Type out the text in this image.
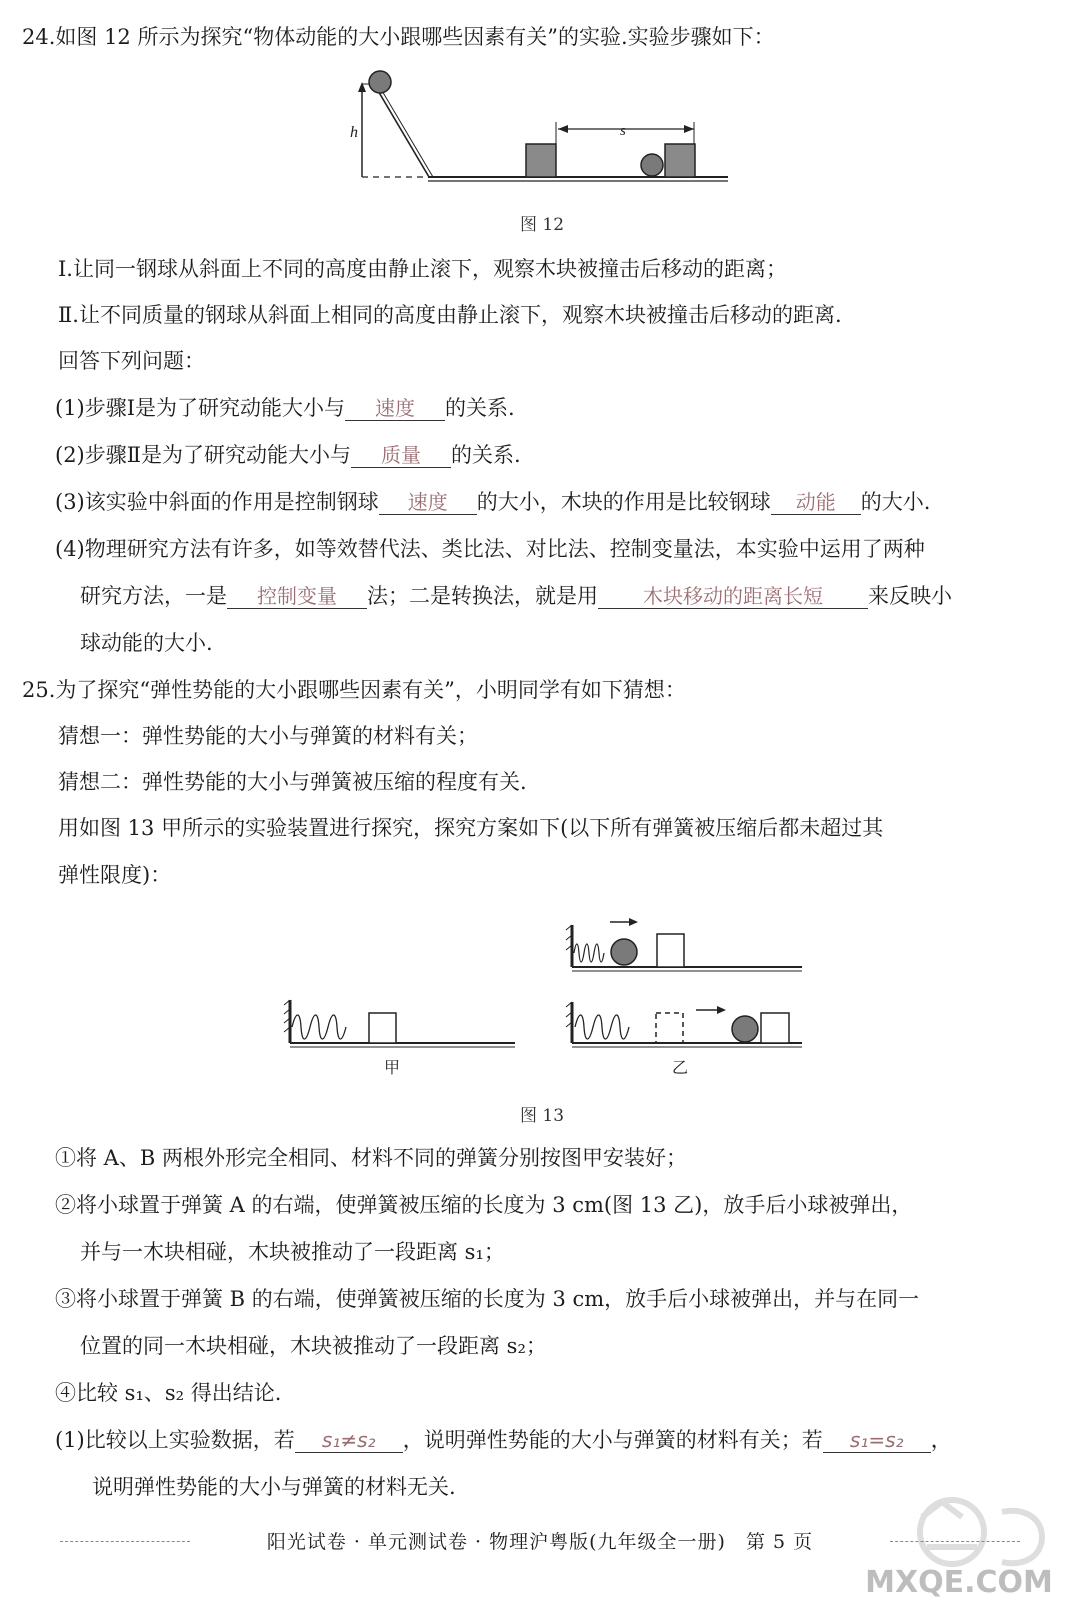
24.如图 12 所示为探究“物体动能的大小跟哪些因素有关”的实验.实验步骤如下：
h	s
图 12
Ⅰ.让同一钢球从斜面上不同的高度由静止滚下，观察木块被撞击后移动的距离；
Ⅱ.让不同质量的钢球从斜面上相同的高度由静止滚下，观察木块被撞击后移动的距离.
回答下列问题：
(1)步骤Ⅰ是为了研究动能大小与 速度 的关系.
(2)步骤Ⅱ是为了研究动能大小与 质量 的关系.
(3)该实验中斜面的作用是控制钢球 速度 的大小，木块的作用是比较钢球 动能 的大小.
(4)物理研究方法有许多，如等效替代法、类比法、对比法、控制变量法，本实验中运用了两种
研究方法，一是 控制变量 法；二是转换法，就是用 木块移动的距离长短 来反映小
球动能的大小.
25.为了探究“弹性势能的大小跟哪些因素有关”，小明同学有如下猜想：
猜想一：弹性势能的大小与弹簧的材料有关；
猜想二：弹性势能的大小与弹簧被压缩的程度有关.
用如图 13 甲所示的实验装置进行探究，探究方案如下(以下所有弹簧被压缩后都未超过其
弹性限度)：
甲	乙
图 13
①将 A、B 两根外形完全相同、材料不同的弹簧分别按图甲安装好；
②将小球置于弹簧 A 的右端，使弹簧被压缩的长度为 3 cm(图 13 乙)，放手后小球被弹出，
并与一木块相碰，木块被推动了一段距离 s₁；
③将小球置于弹簧 B 的右端，使弹簧被压缩的长度为 3 cm，放手后小球被弹出，并与在同一
位置的同一木块相碰，木块被推动了一段距离 s₂；
④比较 s₁、s₂ 得出结论.
(1)比较以上实验数据，若 s₁≠s₂ ，说明弹性势能的大小与弹簧的材料有关；若 s₁=s₂ ，
说明弹性势能的大小与弹簧的材料无关.
阳光试卷 · 单元测试卷 · 物理沪粤版(九年级全一册)　第 5 页
MXQE.COM
